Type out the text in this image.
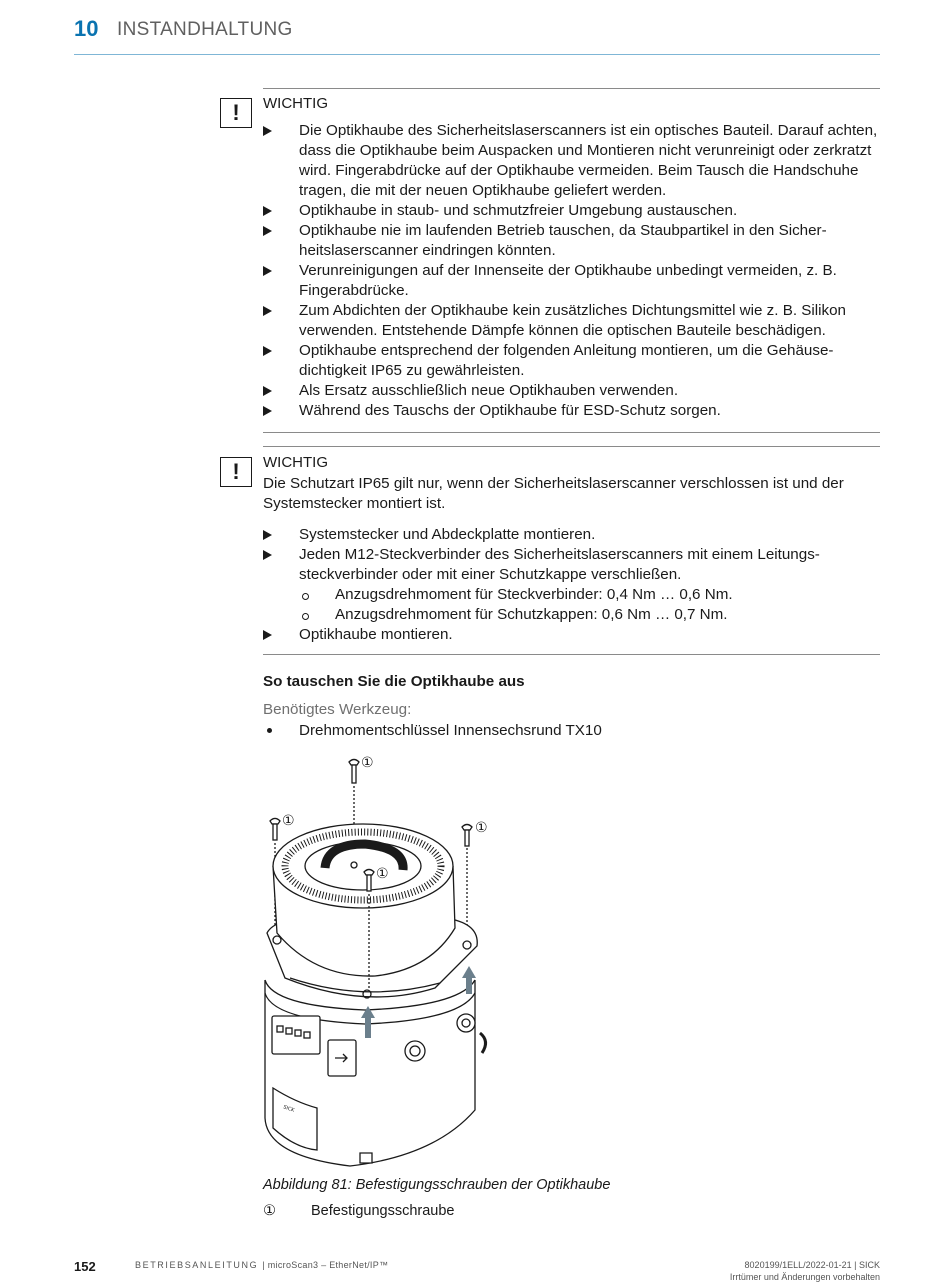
10 INSTANDHALTUNG
!	WICHTIG
Die Optikhaube des Sicherheitslaserscanners ist ein optisches Bauteil. Darauf achten, dass die Optikhaube beim Auspacken und Montieren nicht verunreinigt oder zerkratzt wird. Fingerabdrücke auf der Optikhaube vermeiden. Beim Tausch die Handschuhe tragen, die mit der neuen Optikhaube geliefert werden.
Optikhaube in staub- und schmutzfreier Umgebung austauschen.
Optikhaube nie im laufenden Betrieb tauschen, da Staubpartikel in den Sicher-heitslaserscanner eindringen könnten.
Verunreinigungen auf der Innenseite der Optikhaube unbedingt vermeiden, z. B. Fingerabdrücke.
Zum Abdichten der Optikhaube kein zusätzliches Dichtungsmittel wie z. B. Silikon verwenden. Entstehende Dämpfe können die optischen Bauteile beschädigen.
Optikhaube entsprechend der folgenden Anleitung montieren, um die Gehäuse-dichtigkeit IP65 zu gewährleisten.
Als Ersatz ausschließlich neue Optikhauben verwenden.
Während des Tauschs der Optikhaube für ESD-Schutz sorgen.
!	WICHTIG
Die Schutzart IP65 gilt nur, wenn der Sicherheitslaserscanner verschlossen ist und der Systemstecker montiert ist.
Systemstecker und Abdeckplatte montieren.
Jeden M12-Steckverbinder des Sicherheitslaserscanners mit einem Leitungs-steckverbinder oder mit einer Schutzkappe verschließen.
Anzugsdrehmoment für Steckverbinder: 0,4 Nm … 0,6 Nm.
Anzugsdrehmoment für Schutzkappen: 0,6 Nm … 0,7 Nm.
Optikhaube montieren.
So tauschen Sie die Optikhaube aus
Benötigtes Werkzeug:
Drehmomentschlüssel Innensechsrund TX10
①
①	①
SICK
①
Abbildung 81: Befestigungsschrauben der Optikhaube
① Befestigungsschraube
152	BETRIEBSANLEITUNG | microScan3 – EtherNet/IP™	8020199/1ELL/2022-01-21 | SICK
Irrtümer und Änderungen vorbehalten
